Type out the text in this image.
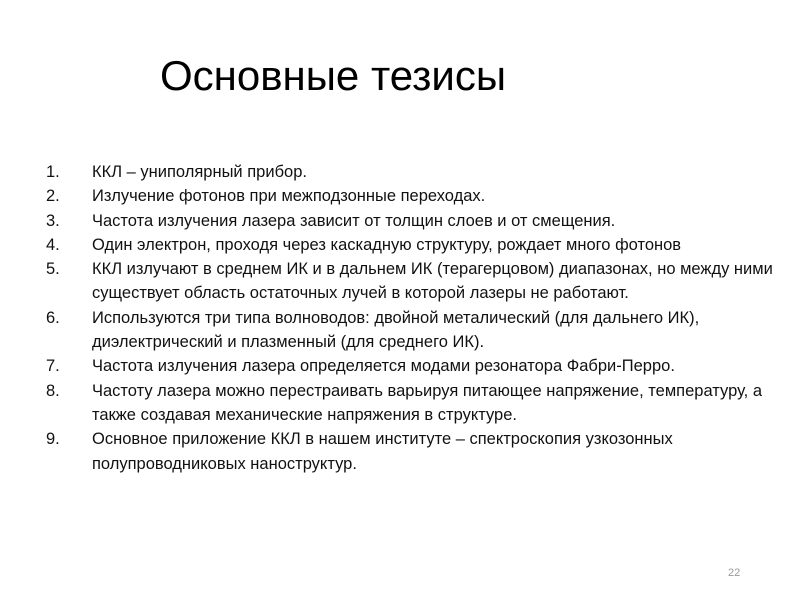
Основные тезисы
1.	ККЛ – униполярный прибор.
2.	Излучение фотонов при межподзонные переходах.
3.	Частота излучения лазера зависит от толщин слоев и от смещения.
4.	Один электрон, проходя через каскадную структуру, рождает много фотонов
5.	ККЛ излучают в среднем ИК и в дальнем ИК (терагерцовом) диапазонах, но между ними существует область остаточных лучей в которой лазеры не работают.
6.	Используются три типа волноводов: двойной металический (для дальнего ИК), диэлектрический и плазменный (для среднего ИК).
7.	Частота излучения лазера определяется модами резонатора Фабри-Перро.
8.	Частоту лазера можно перестраивать варьируя питающее напряжение, температуру, а также создавая механические напряжения в структуре.
9.	Основное приложение ККЛ в нашем институте – спектроскопия узкозонных полупроводниковых наноструктур.
22
